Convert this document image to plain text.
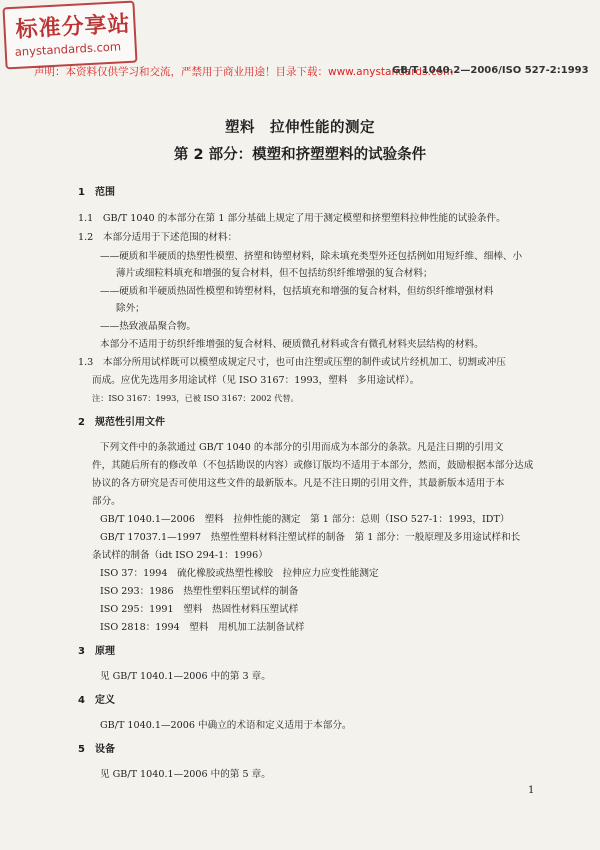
标准分享站
anystandards.com
声明：本资料仅供学习和交流，严禁用于商业用途！目录下载：www.anystandards.com
GB/T 1040.2—2006/ISO 527-2:1993
塑料　拉伸性能的测定
第 2 部分：模塑和挤塑塑料的试验条件
1　范围
1.1　GB/T 1040 的本部分在第 1 部分基础上规定了用于测定模塑和挤塑塑料拉伸性能的试验条件。
1.2　本部分适用于下述范围的材料：
——硬质和半硬质的热塑性模塑、挤塑和铸塑材料，除未填充类型外还包括例如用短纤维、细棒、小
薄片或细粒料填充和增强的复合材料，但不包括纺织纤维增强的复合材料；
——硬质和半硬质热固性模塑和铸塑材料，包括填充和增强的复合材料，但纺织纤维增强材料
除外；
——热致液晶聚合物。
本部分不适用于纺织纤维增强的复合材料、硬质微孔材料或含有微孔材料夹层结构的材料。
1.3　本部分所用试样既可以模塑成规定尺寸，也可由注塑或压塑的制件或试片经机加工、切割或冲压
而成。应优先选用多用途试样（见 ISO 3167：1993，塑料　多用途试样）。
注：ISO 3167：1993，已被 ISO 3167：2002 代替。
2　规范性引用文件
下列文件中的条款通过 GB/T 1040 的本部分的引用而成为本部分的条款。凡是注日期的引用文
件，其随后所有的修改单（不包括勘误的内容）或修订版均不适用于本部分，然而，鼓励根据本部分达成
协议的各方研究是否可使用这些文件的最新版本。凡是不注日期的引用文件，其最新版本适用于本
部分。
GB/T 1040.1—2006　塑料　拉伸性能的测定　第 1 部分：总则（ISO 527-1：1993，IDT）
GB/T 17037.1—1997　热塑性塑料材料注塑试样的制备　第 1 部分：一般原理及多用途试样和长
条试样的制备（idt ISO 294-1：1996）
ISO 37：1994　硫化橡胶或热塑性橡胶　拉伸应力应变性能测定
ISO 293：1986　热塑性塑料压塑试样的制备
ISO 295：1991　塑料　热固性材料压塑试样
ISO 2818：1994　塑料　用机加工法制备试样
3　原理
见 GB/T 1040.1—2006 中的第 3 章。
4　定义
GB/T 1040.1—2006 中确立的术语和定义适用于本部分。
5　设备
见 GB/T 1040.1—2006 中的第 5 章。
1
